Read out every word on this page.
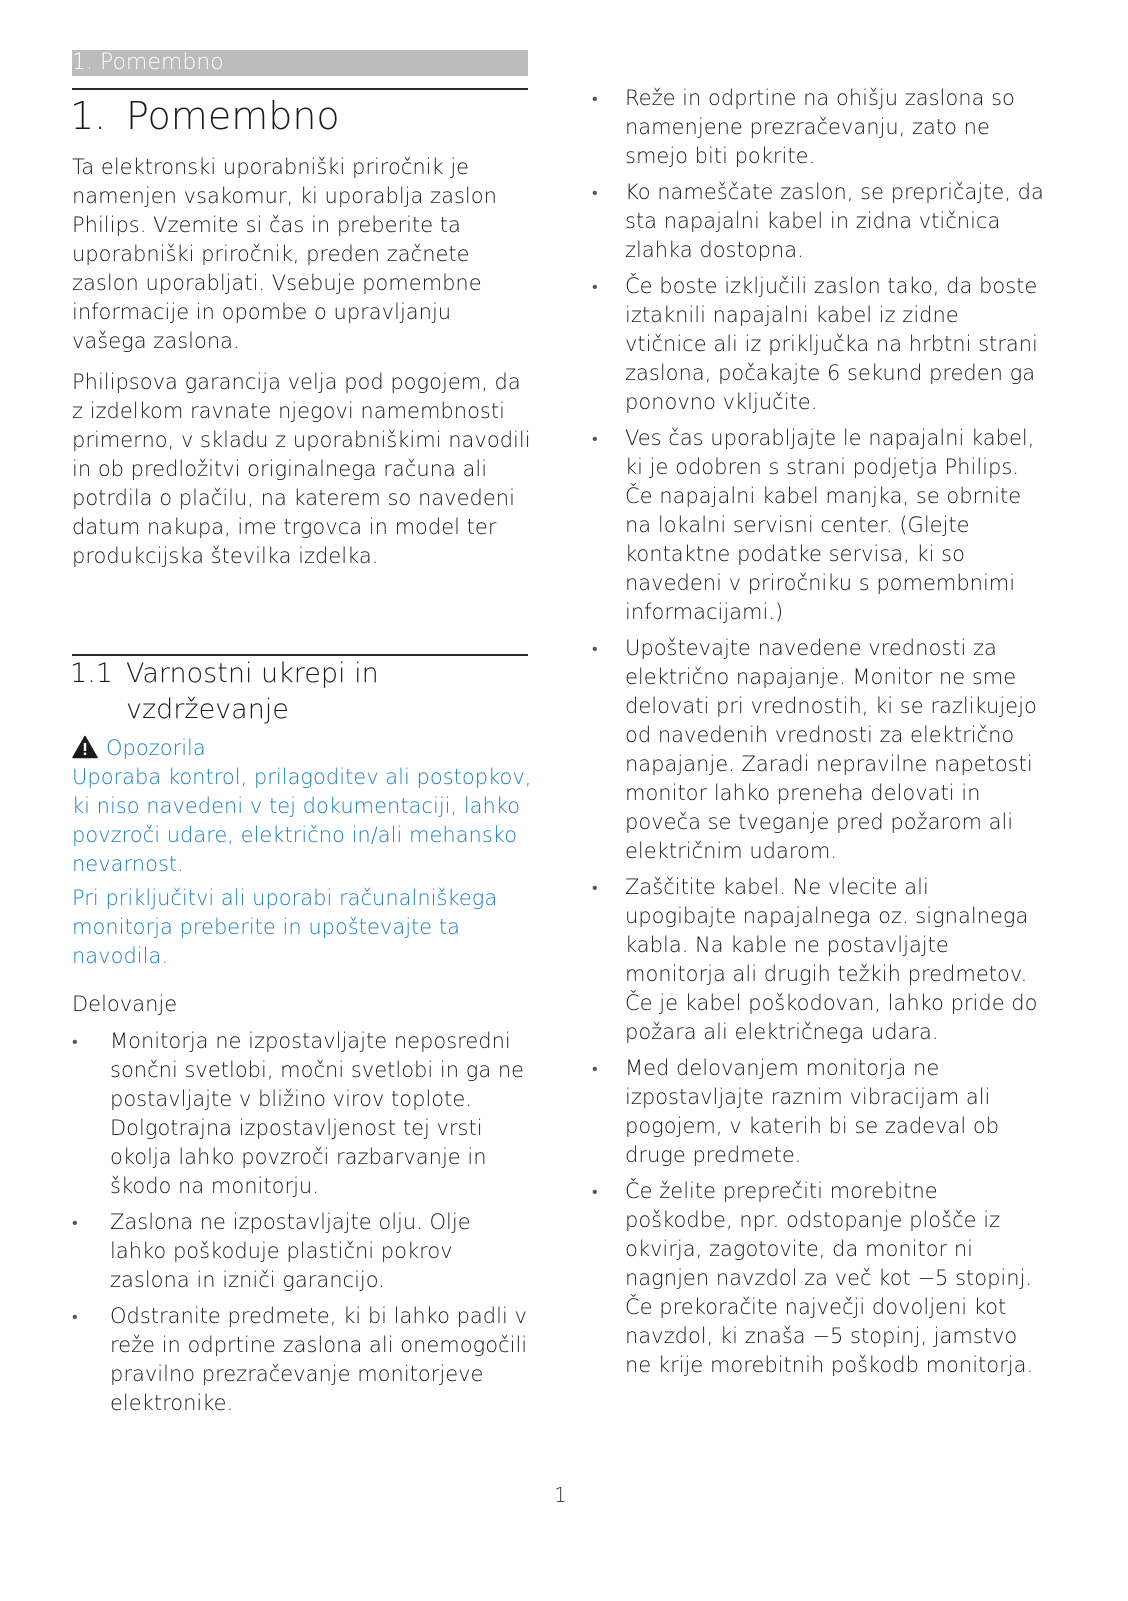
1. Pomembno
1. Pomembno

Ta elektronski uporabniški priročnik je namenjen vsakomur, ki uporablja zaslon Philips. Vzemite si čas in preberite ta uporabniški priročnik, preden začnete zaslon uporabljati. Vsebuje pomembne informacije in opombe o upravljanju vašega zaslona.

Philipsova garancija velja pod pogojem, da z izdelkom ravnate njegovi namembnosti primerno, v skladu z uporabniškimi navodili in ob predložitvi originalnega računa ali potrdila o plačilu, na katerem so navedeni datum nakupa, ime trgovca in model ter produkcijska številka izdelka.

1.1 Varnostni ukrepi in vzdrževanje
Opozorila

Uporaba kontrol, prilagoditev ali postopkov, ki niso navedeni v tej dokumentaciji, lahko povzroči udare, električno in/ali mehansko nevarnost.

Pri priključitvi ali uporabi računalniškega monitorja preberite in upoštevajte ta navodila.

Delovanje
•	Monitorja ne izpostavljajte neposredni sončni svetlobi, močni svetlobi in ga ne postavljajte v bližino virov toplote. Dolgotrajna izpostavljenost tej vrsti okolja lahko povzroči razbarvanje in škodo na monitorju.
•	Zaslona ne izpostavljajte olju. Olje lahko poškoduje plastični pokrov zaslona in izniči garancijo.
•	Odstranite predmete, ki bi lahko padli v reže in odprtine zaslona ali onemogočili pravilno prezračevanje monitorjeve elektronike.
•	Reže in odprtine na ohišju zaslona so namenjene prezračevanju, zato ne smejo biti pokrite.
•	Ko nameščate zaslon, se prepričajte, da sta napajalni kabel in zidna vtičnica zlahka dostopna.
•	Če boste izključili zaslon tako, da boste iztaknili napajalni kabel iz zidne vtičnice ali iz priključka na hrbtni strani zaslona, počakajte 6 sekund preden ga ponovno vključite.
•	Ves čas uporabljajte le napajalni kabel, ki je odobren s strani podjetja Philips. Če napajalni kabel manjka, se obrnite na lokalni servisni center. (Glejte kontaktne podatke servisa, ki so navedeni v priročniku s pomembnimi informacijami.)
•	Upoštevajte navedene vrednosti za električno napajanje. Monitor ne sme delovati pri vrednostih, ki se razlikujejo od navedenih vrednosti za električno napajanje. Zaradi nepravilne napetosti monitor lahko preneha delovati in poveča se tveganje pred požarom ali električnim udarom.
•	Zaščitite kabel. Ne vlecite ali upogibajte napajalnega oz. signalnega kabla. Na kable ne postavljajte monitorja ali drugih težkih predmetov. Če je kabel poškodovan, lahko pride do požara ali električnega udara.
•	Med delovanjem monitorja ne izpostavljajte raznim vibracijam ali pogojem, v katerih bi se zadeval ob druge predmete.
•	Če želite preprečiti morebitne poškodbe, npr. odstopanje plošče iz okvirja, zagotovite, da monitor ni nagnjen navzdol za več kot −5 stopinj. Če prekoračite največji dovoljeni kot navzdol, ki znaša −5 stopinj, jamstvo ne krije morebitnih poškodb monitorja.
1
